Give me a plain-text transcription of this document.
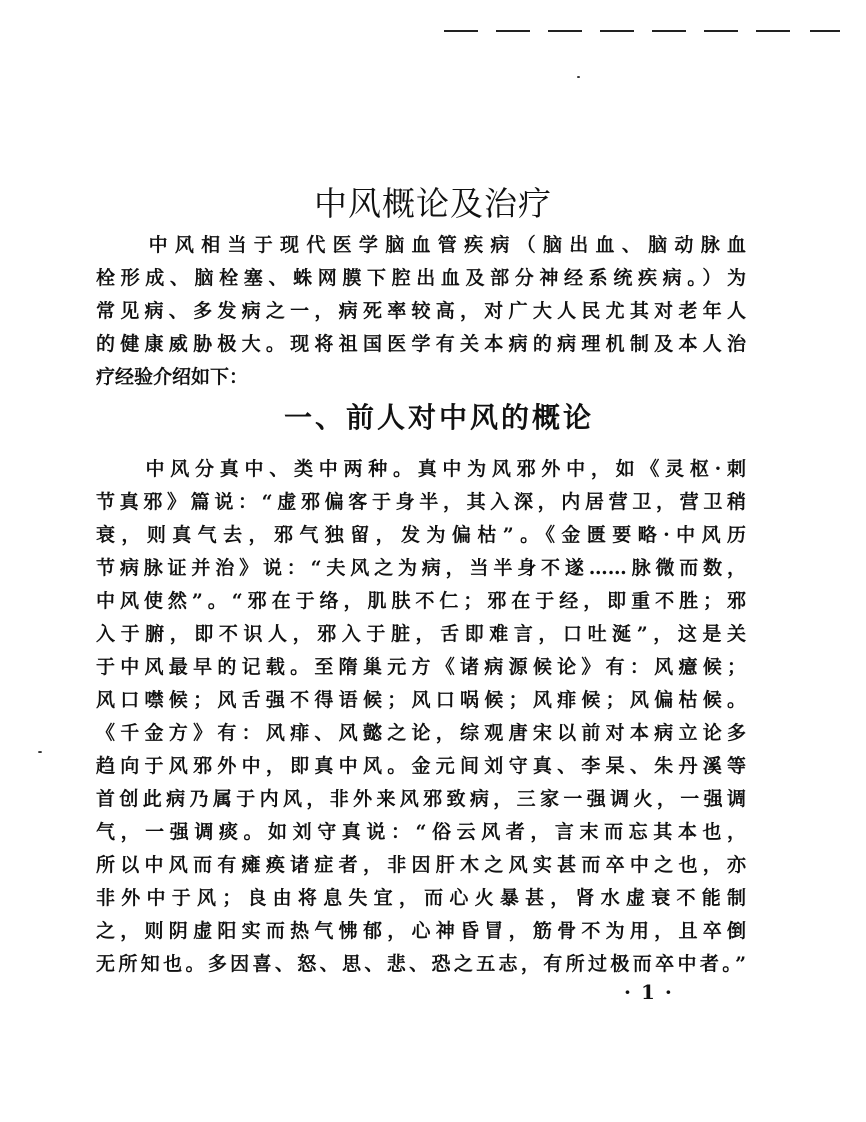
中风概论及治疗
　　中风相当于现代医学脑血管疾病（脑出血、脑动脉血
栓形成、脑栓塞、蛛网膜下腔出血及部分神经系统疾病。）为
常见病、多发病之一，病死率较高，对广大人民尤其对老年人
的健康威胁极大。现将祖国医学有关本病的病理机制及本人治
疗经验介绍如下：
一、前人对中风的概论
　　中风分真中、类中两种。真中为风邪外中，如《灵枢·刺
节真邪》篇说：“虚邪偏客于身半，其入深，内居营卫，营卫稍
衰，则真气去，邪气独留，发为偏枯”。《金匮要略·中风历
节病脉证并治》说：“夫风之为病，当半身不遂……脉微而数，
中风使然”。“邪在于络，肌肤不仁；邪在于经，即重不胜；邪
入于腑，即不识人，邪入于脏，舌即难言，口吐涎”，这是关
于中风最早的记载。至隋巢元方《诸病源候论》有：风癔候；
风口噤候；风舌强不得语候；风口㖞候；风痱候；风偏枯候。
《千金方》有：风痱、风懿之论，综观唐宋以前对本病立论多
趋向于风邪外中，即真中风。金元间刘守真、李杲、朱丹溪等
首创此病乃属于内风，非外来风邪致病，三家一强调火，一强调
气，一强调痰。如刘守真说：“俗云风者，言末而忘其本也，
所以中风而有瘫痪诸症者，非因肝木之风实甚而卒中之也，亦
非外中于风；良由将息失宜，而心火暴甚，肾水虚衰不能制
之，则阴虚阳实而热气怫郁，心神昏冒，筋骨不为用，且卒倒
无所知也。多因喜、怒、思、悲、恐之五志，有所过极而卒中者。”
·1·
